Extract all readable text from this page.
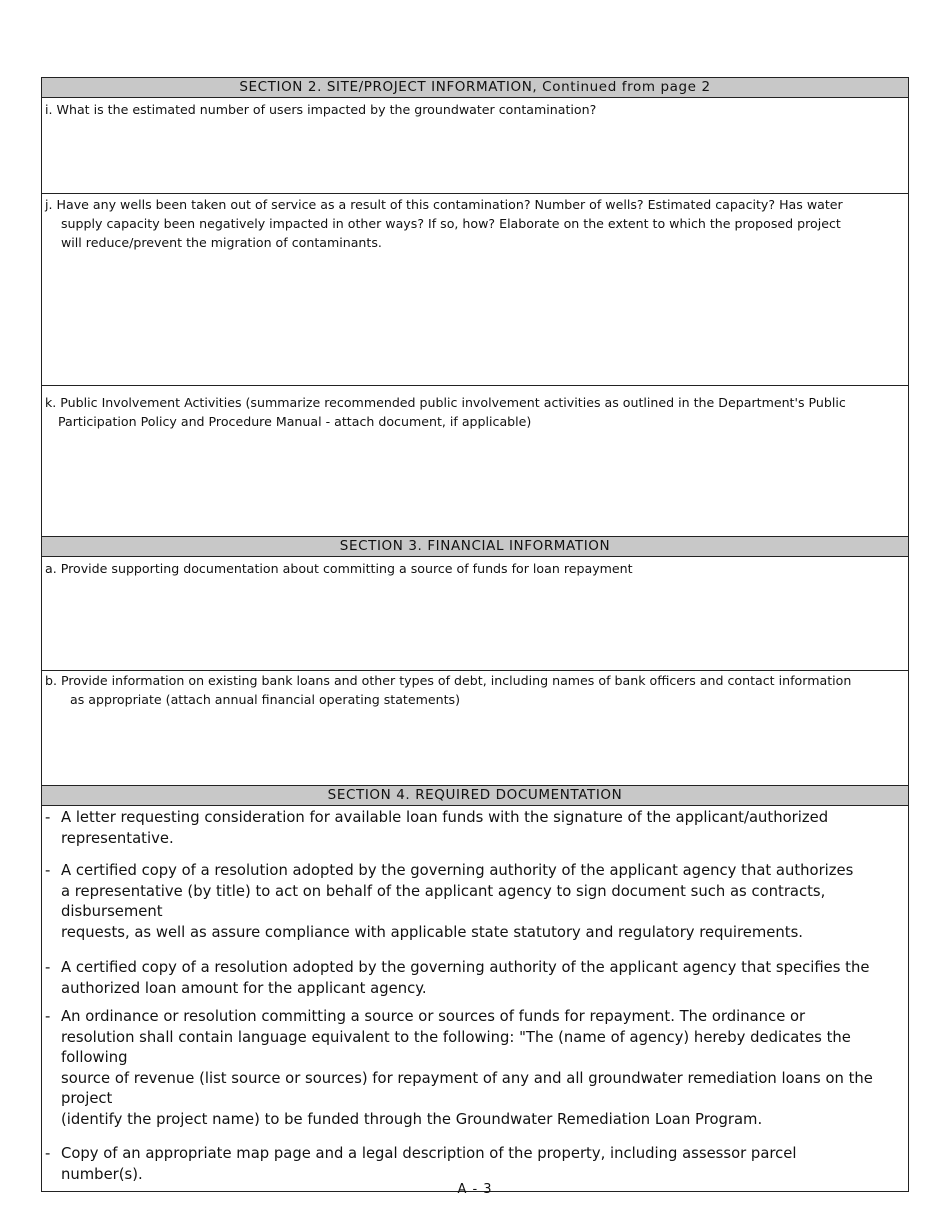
SECTION 2. SITE/PROJECT INFORMATION, Continued from page 2
i. What is the estimated number of users impacted by the groundwater contamination?
j. Have any wells been taken out of service as a result of this contamination? Number of wells? Estimated capacity? Has water
supply capacity been negatively impacted in other ways? If so, how? Elaborate on the extent to which the proposed project
will reduce/prevent the migration of contaminants.
k. Public Involvement Activities (summarize recommended public involvement activities as outlined in the Department's Public
Participation Policy and Procedure Manual - attach document, if applicable)
SECTION 3. FINANCIAL INFORMATION
a. Provide supporting documentation about committing a source of funds for loan repayment
b. Provide information on existing bank loans and other types of debt, including names of bank officers and contact information
as appropriate (attach annual financial operating statements)
SECTION 4. REQUIRED DOCUMENTATION
- A letter requesting consideration for available loan funds with the signature of the applicant/authorized
representative.
- A certified copy of a resolution adopted by the governing authority of the applicant agency that authorizes
a representative (by title) to act on behalf of the applicant agency to sign document such as contracts, disbursement
requests, as well as assure compliance with applicable state statutory and regulatory requirements.
- A certified copy of a resolution adopted by the governing authority of the applicant agency that specifies the
authorized loan amount for the applicant agency.
- An ordinance or resolution committing a source or sources of funds for repayment. The ordinance or
resolution shall contain language equivalent to the following: "The (name of agency) hereby dedicates the following
source of revenue (list source or sources) for repayment of any and all groundwater remediation loans on the project
(identify the project name) to be funded through the Groundwater Remediation Loan Program.
- Copy of an appropriate map page and a legal description of the property, including assessor parcel
number(s).
A - 3
